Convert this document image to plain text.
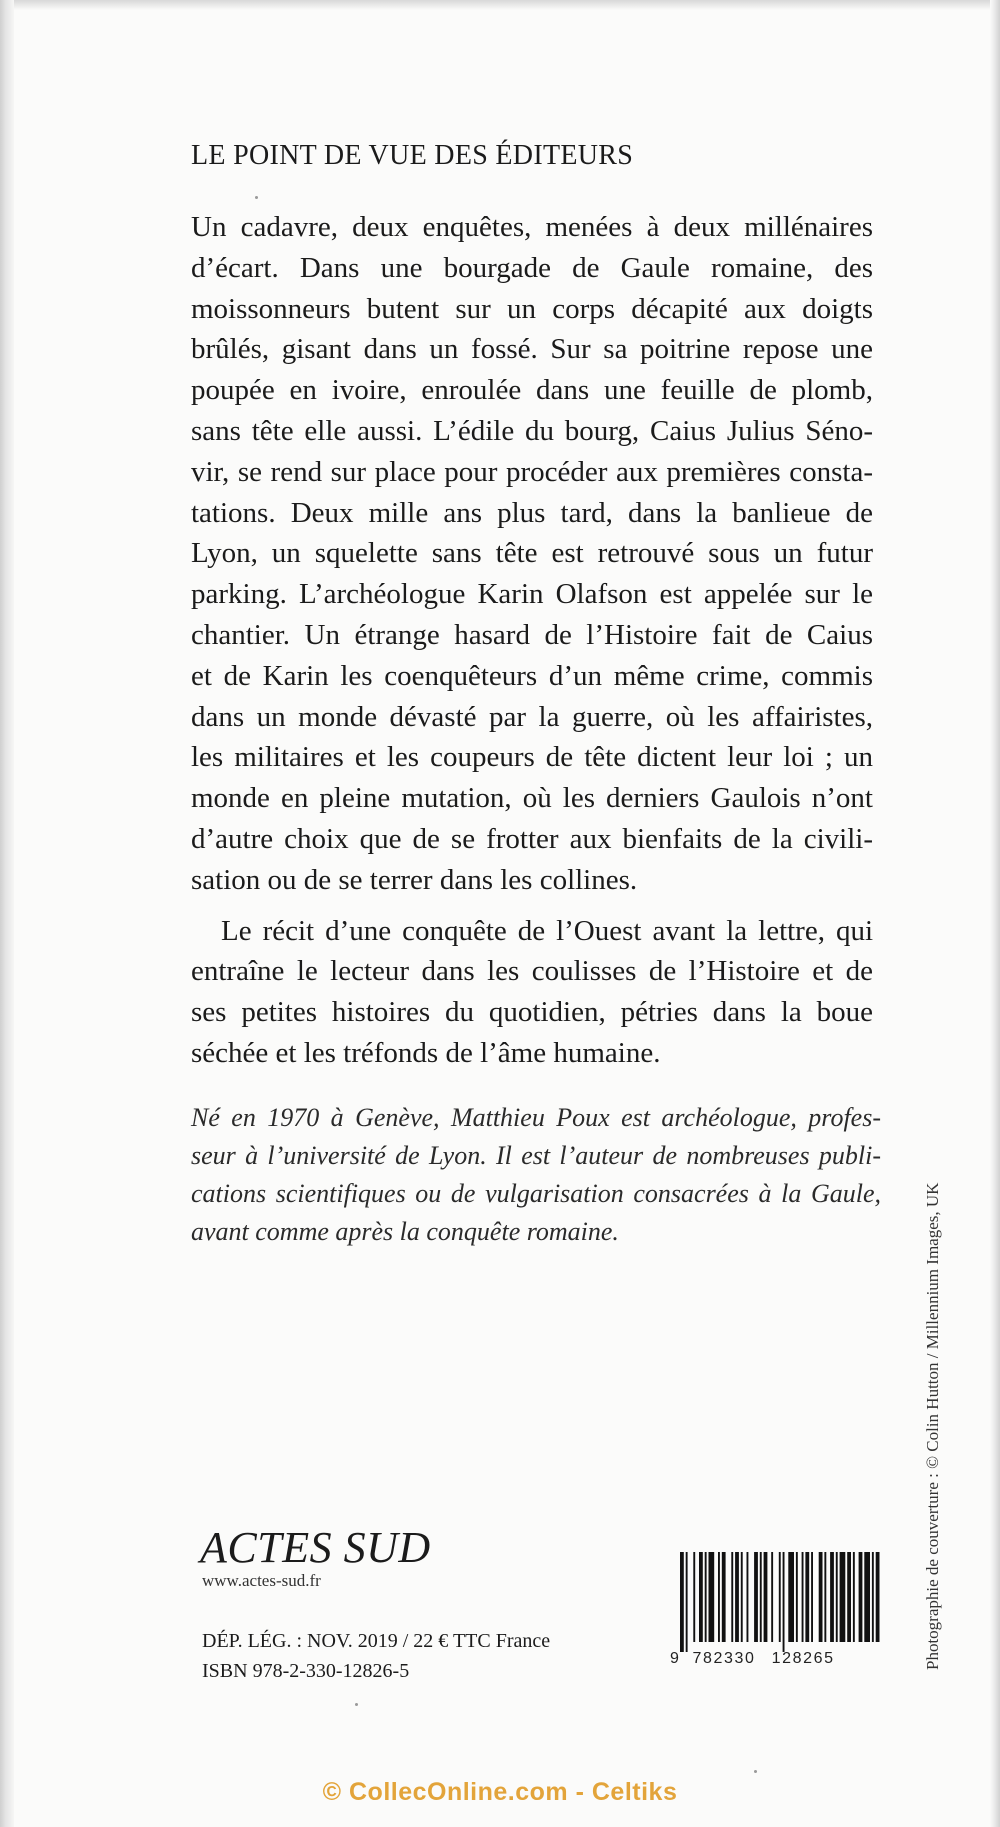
LE POINT DE VUE DES ÉDITEURS

Un cadavre, deux enquêtes, menées à deux millénaires
d’écart. Dans une bourgade de Gaule romaine, des
moissonneurs butent sur un corps décapité aux doigts
brûlés, gisant dans un fossé. Sur sa poitrine repose une
poupée en ivoire, enroulée dans une feuille de plomb,
sans tête elle aussi. L’édile du bourg, Caius Julius Séno-
vir, se rend sur place pour procéder aux premières consta-
tations. Deux mille ans plus tard, dans la banlieue de
Lyon, un squelette sans tête est retrouvé sous un futur
parking. L’archéologue Karin Olafson est appelée sur le
chantier. Un étrange hasard de l’Histoire fait de Caius
et de Karin les coenquêteurs d’un même crime, commis
dans un monde dévasté par la guerre, où les affairistes,
les militaires et les coupeurs de tête dictent leur loi ; un
monde en pleine mutation, où les derniers Gaulois n’ont
d’autre choix que de se frotter aux bienfaits de la civili-
sation ou de se terrer dans les collines.

Le récit d’une conquête de l’Ouest avant la lettre, qui
entraîne le lecteur dans les coulisses de l’Histoire et de
ses petites histoires du quotidien, pétries dans la boue
séchée et les tréfonds de l’âme humaine.

Né en 1970 à Genève, Matthieu Poux est archéologue, profes-
seur à l’université de Lyon. Il est l’auteur de nombreuses publi-
cations scientifiques ou de vulgarisation consacrées à la Gaule,
avant comme après la conquête romaine.	Photographie de couverture : © Colin Hutton / Millennium Images, UK
ACTES SUD
www.actes-sud.fr
DÉP. LÉG. : NOV. 2019 / 22 € TTC France
ISBN 978-2-330-12826-5
9 782330 128265
© CollecOnline.com - Celtiks
